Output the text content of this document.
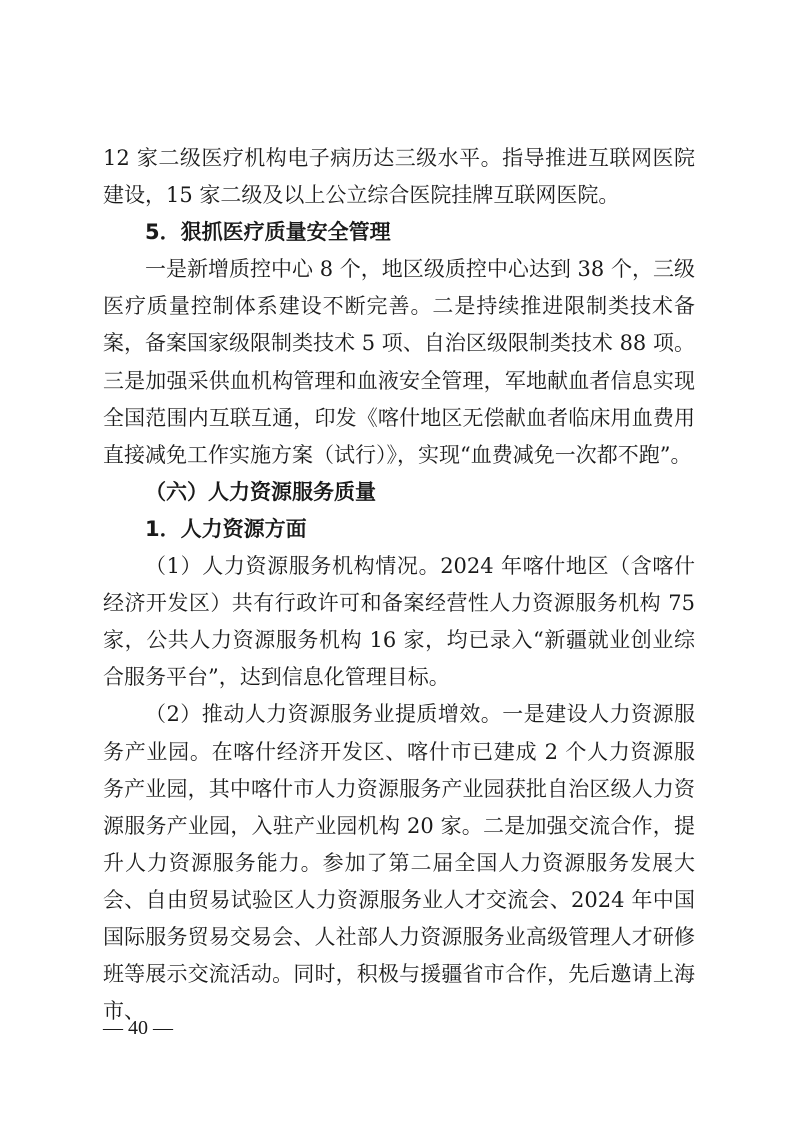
12 家二级医疗机构电子病历达三级水平。指导推进互联网医院建设，15 家二级及以上公立综合医院挂牌互联网医院。

5．狠抓医疗质量安全管理

一是新增质控中心 8 个，地区级质控中心达到 38 个，三级医疗质量控制体系建设不断完善。二是持续推进限制类技术备案，备案国家级限制类技术 5 项、自治区级限制类技术 88 项。三是加强采供血机构管理和血液安全管理，军地献血者信息实现全国范围内互联互通，印发《喀什地区无偿献血者临床用血费用直接减免工作实施方案（试行）》，实现“血费减免一次都不跑”。

（六）人力资源服务质量

1．人力资源方面

（1）人力资源服务机构情况。2024 年喀什地区（含喀什经济开发区）共有行政许可和备案经营性人力资源服务机构 75 家，公共人力资源服务机构 16 家，均已录入“新疆就业创业综合服务平台”，达到信息化管理目标。

（2）推动人力资源服务业提质增效。一是建设人力资源服务产业园。在喀什经济开发区、喀什市已建成 2 个人力资源服务产业园，其中喀什市人力资源服务产业园获批自治区级人力资源服务产业园，入驻产业园机构 20 家。二是加强交流合作，提升人力资源服务能力。参加了第二届全国人力资源服务发展大会、自由贸易试验区人力资源服务业人才交流会、2024 年中国国际服务贸易交易会、人社部人力资源服务业高级管理人才研修班等展示交流活动。同时，积极与援疆省市合作，先后邀请上海市、

— 40 —
